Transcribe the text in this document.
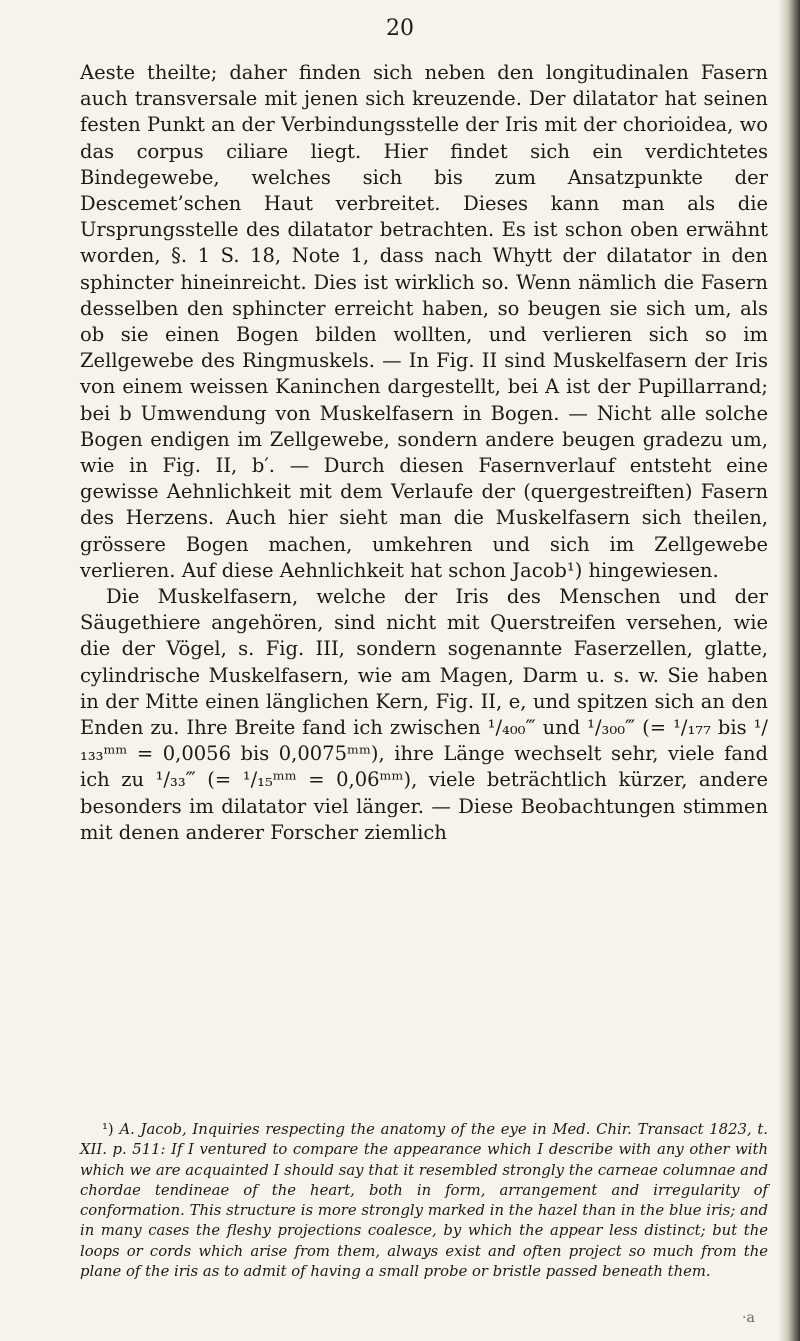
20

Aeste theilte; daher finden sich neben den longitudinalen Fasern auch transversale mit jenen sich kreuzende. Der dilatator hat seinen festen Punkt an der Verbindungsstelle der Iris mit der chorioidea, wo das corpus ciliare liegt. Hier findet sich ein verdichtetes Bindegewebe, welches sich bis zum Ansatzpunkte der Descemet’schen Haut verbreitet. Dieses kann man als die Ursprungsstelle des dilatator betrachten. Es ist schon oben erwähnt worden, §. 1 S. 18, Note 1, dass nach Whytt der dilatator in den sphincter hineinreicht. Dies ist wirklich so. Wenn nämlich die Fasern desselben den sphincter erreicht haben, so beugen sie sich um, als ob sie einen Bogen bilden wollten, und verlieren sich so im Zellgewebe des Ringmuskels. — In Fig. II sind Muskelfasern der Iris von einem weissen Kaninchen dargestellt, bei A ist der Pupillarrand; bei b Umwendung von Muskelfasern in Bogen. — Nicht alle solche Bogen endigen im Zellgewebe, sondern andere beugen gradezu um, wie in Fig. II, b′. — Durch diesen Fasernverlauf entsteht eine gewisse Aehnlichkeit mit dem Verlaufe der (quergestreiften) Fasern des Herzens. Auch hier sieht man die Muskelfasern sich theilen, grössere Bogen machen, umkehren und sich im Zellgewebe verlieren. Auf diese Aehnlichkeit hat schon Jacob¹) hingewiesen.

Die Muskelfasern, welche der Iris des Menschen und der Säugethiere angehören, sind nicht mit Querstreifen versehen, wie die der Vögel, s. Fig. III, sondern sogenannte Faserzellen, glatte, cylindrische Muskelfasern, wie am Magen, Darm u. s. w. Sie haben in der Mitte einen länglichen Kern, Fig. II, e, und spitzen sich an den Enden zu. Ihre Breite fand ich zwischen ¹/₄₀₀‴ und ¹/₃₀₀‴ (= ¹/₁₇₇ bis ¹/₁₃₃ᵐᵐ = 0,0056 bis 0,0075ᵐᵐ), ihre Länge wechselt sehr, viele fand ich zu ¹/₃₃‴ (= ¹/₁₅ᵐᵐ = 0,06ᵐᵐ), viele beträchtlich kürzer, andere besonders im dilatator viel länger. — Diese Beobachtungen stimmen mit denen anderer Forscher ziemlich

¹) A. Jacob, Inquiries respecting the anatomy of the eye in Med. Chir. Transact 1823, t. XII. p. 511: If I ventured to compare the appearance which I describe with any other with which we are acquainted I should say that it resembled strongly the carneae columnae and chordae tendineae of the heart, both in form, arrangement and irregularity of conformation. This structure is more strongly marked in the hazel than in the blue iris; and in many cases the fleshy projections coalesce, by which the appear less distinct; but the loops or cords which arise from them, always exist and often project so much from the plane of the iris as to admit of having a small probe or bristle passed beneath them.
·a
